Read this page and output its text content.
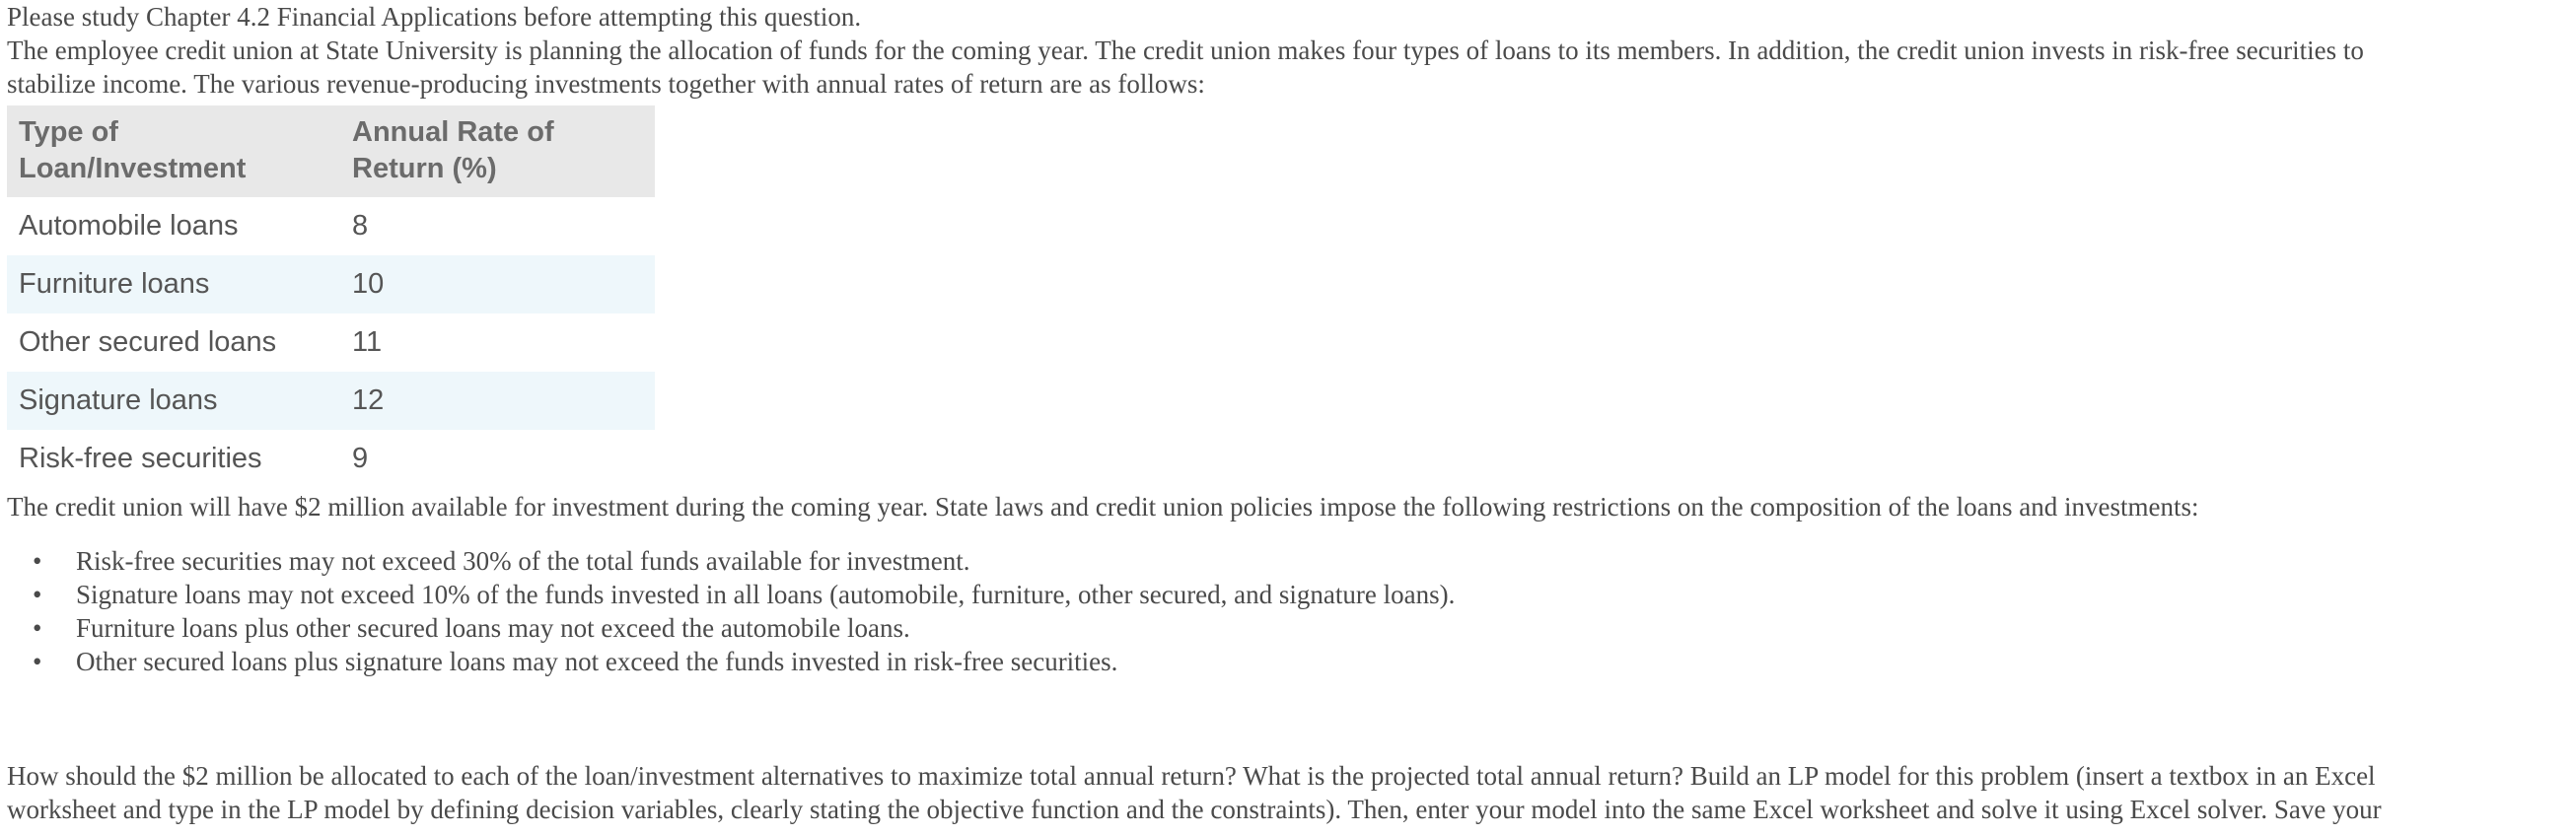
Please study Chapter 4.2 Financial Applications before attempting this question.

The employee credit union at State University is planning the allocation of funds for the coming year. The credit union makes four types of loans to its members. In addition, the credit union invests in risk-free securities to

stabilize income. The various revenue-producing investments together with annual rates of return are as follows:

Type of Loan/Investment	Annual Rate of Return (%)
Automobile loans	8
Furniture loans	10
Other secured loans	11
Signature loans	12
Risk-free securities	9

The credit union will have $2 million available for investment during the coming year. State laws and credit union policies impose the following restrictions on the composition of the loans and investments:

• Risk-free securities may not exceed 30% of the total funds available for investment.
• Signature loans may not exceed 10% of the funds invested in all loans (automobile, furniture, other secured, and signature loans).
• Furniture loans plus other secured loans may not exceed the automobile loans.
• Other secured loans plus signature loans may not exceed the funds invested in risk-free securities.

How should the $2 million be allocated to each of the loan/investment alternatives to maximize total annual return? What is the projected total annual return? Build an LP model for this problem (insert a textbox in an Excel

worksheet and type in the LP model by defining decision variables, clearly stating the objective function and the constraints). Then, enter your model into the same Excel worksheet and solve it using Excel solver. Save your
